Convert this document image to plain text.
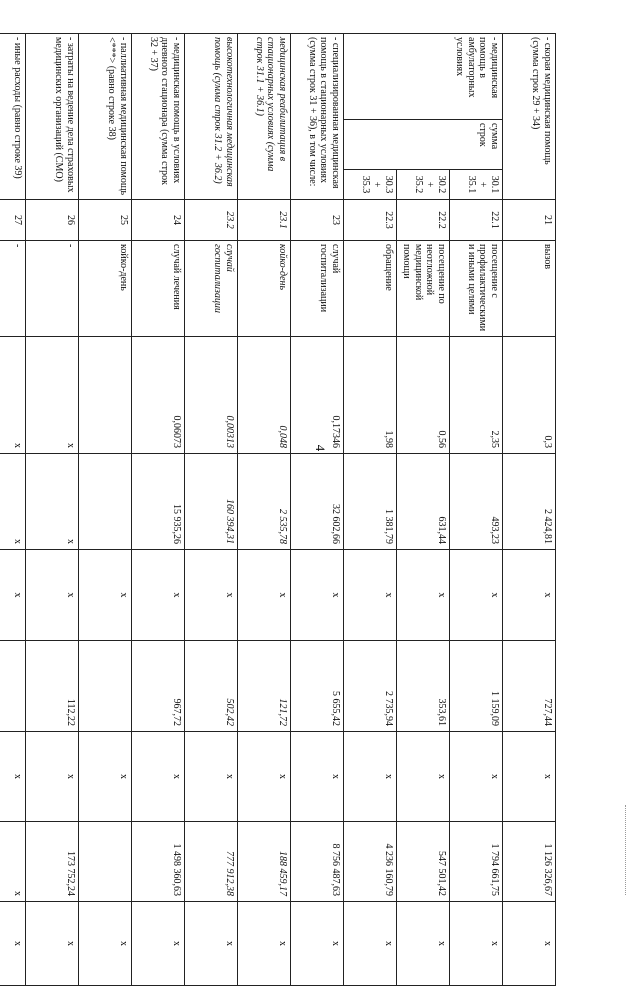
4
- скорая медицинская помощь (сумма строк 29 + 34)			21	вызов	0,3	2 424,81	x	727,44	x	1 126 326,67	x
- медицинская помощь в амбулаторных условиях	сумма строк	30.1 + 35.1	22.1	посещение с профилактическими и иными целями	2,35	493,23	x	1 159,09	x	1 794 661,75	x
		30.2 + 35.2	22.2	посещение по неотложной медицинской помощи	0,56	631,44	x	353,61	x	547 501,42	x
		30.3 + 35.3	22.3	обращение	1,98	1 381,79	x	2 735,94	x	4 236 160,79	x
- специализированная медицинская помощь в стационарных условиях (сумма строк 31 + 36), в том числе:			23	случай госпитализации	0,17346	32 602,66	x	5 655,42	x	8 756 487,63	x
медицинская реабилитация в стационарных условиях (сумма строк 31.1 + 36.1)			23.1	койко-день	0,048	2 535,78	x	121,72	x	188 459,17	x
высокотехнологичная медицинская помощь (сумма строк 31.2 + 36.2)			23.2	случай госпитализации	0,00313	160 394,31	x	502,42	x	777 912,38	x
- медицинская помощь в условиях дневного стационара (сумма строк 32 + 37)			24	случай лечения	0,06073	15 935,26	x	967,72	x	1 498 360,63	x
- паллиативная медицинская помощь <***> (равно строке 38)			25	койко-день			x		x		x
- затраты на ведение дела страховых медицинских организаций (СМО)			26	-	x	x	x	112,22	x	173 752,24	x
- иные расходы (равно строке 39)			27	-	x	x	x		x	x	x
